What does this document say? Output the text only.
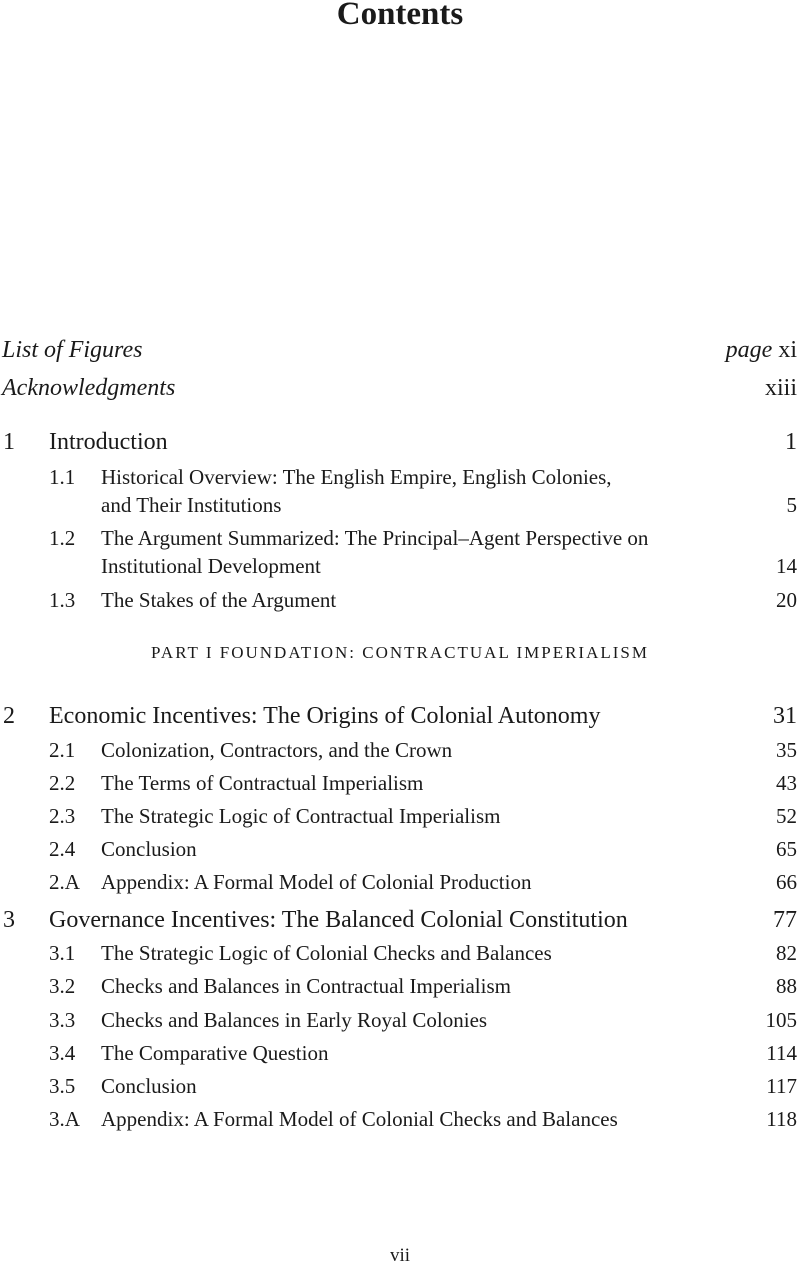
Contents
List of Figures	page xi
Acknowledgments	xiii
1 Introduction	1
1.1 Historical Overview: The English Empire, English Colonies,
and Their Institutions	5
1.2 The Argument Summarized: The Principal–Agent Perspective on
Institutional Development	14
1.3 The Stakes of the Argument	20
PART I FOUNDATION: CONTRACTUAL IMPERIALISM
2 Economic Incentives: The Origins of Colonial Autonomy	31
2.1 Colonization, Contractors, and the Crown	35
2.2 The Terms of Contractual Imperialism	43
2.3 The Strategic Logic of Contractual Imperialism	52
2.4 Conclusion	65
2.A Appendix: A Formal Model of Colonial Production	66
3 Governance Incentives: The Balanced Colonial Constitution	77
3.1 The Strategic Logic of Colonial Checks and Balances	82
3.2 Checks and Balances in Contractual Imperialism	88
3.3 Checks and Balances in Early Royal Colonies	105
3.4 The Comparative Question	114
3.5 Conclusion	117
3.A Appendix: A Formal Model of Colonial Checks and Balances	118
vii
